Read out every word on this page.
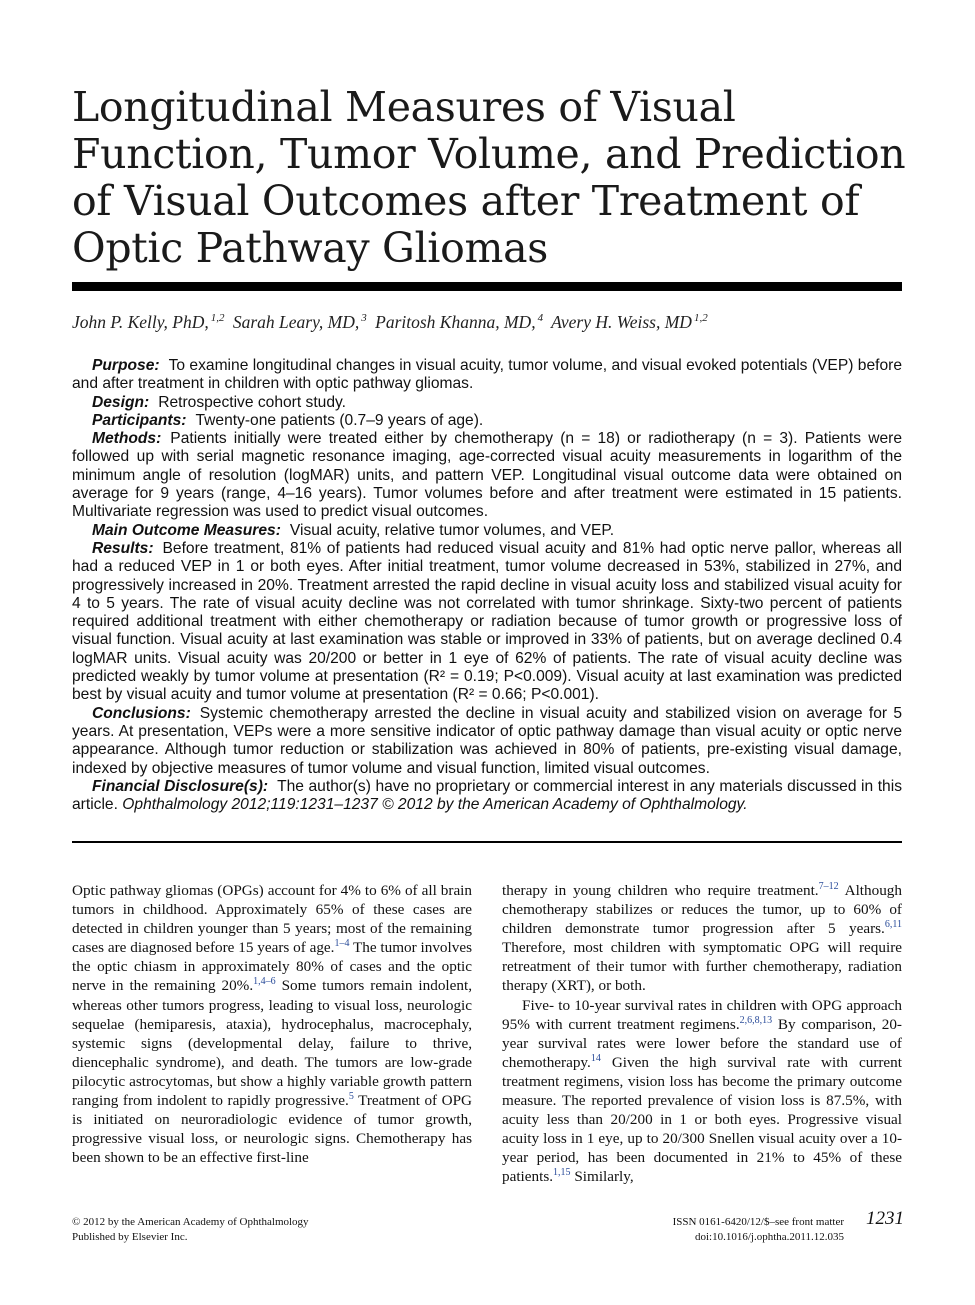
Longitudinal Measures of Visual Function, Tumor Volume, and Prediction of Visual Outcomes after Treatment of Optic Pathway Gliomas
John P. Kelly, PhD, $^{1,2}$ Sarah Leary, MD, $^3$ Paritosh Khanna, MD, $^4$ Avery H. Weiss, MD $^{1,2}$

Purpose: To examine longitudinal changes in visual acuity, tumor volume, and visual evoked potentials (VEP) before and after treatment in children with optic pathway gliomas.

Design: Retrospective cohort study.

Participants: Twenty-one patients (0.7–9 years of age).

Methods: Patients initially were treated either by chemotherapy (n = 18) or radiotherapy (n = 3). Patients were followed up with serial magnetic resonance imaging, age-corrected visual acuity measurements in logarithm of the minimum angle of resolution (logMAR) units, and pattern VEP. Longitudinal visual outcome data were obtained on average for 9 years (range, 4–16 years). Tumor volumes before and after treatment were estimated in 15 patients. Multivariate regression was used to predict visual outcomes.

Main Outcome Measures: Visual acuity, relative tumor volumes, and VEP.

Results: Before treatment, 81% of patients had reduced visual acuity and 81% had optic nerve pallor, whereas all had a reduced VEP in 1 or both eyes. After initial treatment, tumor volume decreased in 53%, stabilized in 27%, and progressively increased in 20%. Treatment arrested the rapid decline in visual acuity loss and stabilized visual acuity for 4 to 5 years. The rate of visual acuity decline was not correlated with tumor shrinkage. Sixty-two percent of patients required additional treatment with either chemotherapy or radiation because of tumor growth or progressive loss of visual function. Visual acuity at last examination was stable or improved in 33% of patients, but on average declined 0.4 logMAR units. Visual acuity was 20/200 or better in 1 eye of 62% of patients. The rate of visual acuity decline was predicted weakly by tumor volume at presentation (R² = 0.19; P<0.009). Visual acuity at last examination was predicted best by visual acuity and tumor volume at presentation (R² = 0.66; P<0.001).

Conclusions: Systemic chemotherapy arrested the decline in visual acuity and stabilized vision on average for 5 years. At presentation, VEPs were a more sensitive indicator of optic pathway damage than visual acuity or optic nerve appearance. Although tumor reduction or stabilization was achieved in 80% of patients, pre-existing visual damage, indexed by objective measures of tumor volume and visual function, limited visual outcomes.

Financial Disclosure(s): The author(s) have no proprietary or commercial interest in any materials discussed in this article. Ophthalmology 2012;119:1231–1237 © 2012 by the American Academy of Ophthalmology.

Optic pathway gliomas (OPGs) account for 4% to 6% of all brain tumors in childhood. Approximately 65% of these cases are detected in children younger than 5 years; most of the remaining cases are diagnosed before 15 years of age.$^{1-4}$ The tumor involves the optic chiasm in approximately 80% of cases and the optic nerve in the remaining 20%.$^{1,4-6}$ Some tumors remain indolent, whereas other tumors progress, leading to visual loss, neurologic sequelae (hemiparesis, ataxia), hydrocephalus, macrocephaly, systemic signs (developmental delay, failure to thrive, diencephalic syndrome), and death. The tumors are low-grade pilocytic astrocytomas, but show a highly variable growth pattern ranging from indolent to rapidly progressive.$^5$ Treatment of OPG is initiated on neuroradiologic evidence of tumor growth, progressive visual loss, or neurologic signs. Chemotherapy has been shown to be an effective first-line

therapy in young children who require treatment.$^{7-12}$ Although chemotherapy stabilizes or reduces the tumor, up to 60% of children demonstrate tumor progression after 5 years.$^{6,11}$ Therefore, most children with symptomatic OPG will require retreatment of their tumor with further chemotherapy, radiation therapy (XRT), or both.

Five- to 10-year survival rates in children with OPG approach 95% with current treatment regimens.$^{2,6,8,13}$ By comparison, 20-year survival rates were lower before the standard use of chemotherapy.$^{14}$ Given the high survival rate with current treatment regimens, vision loss has become the primary outcome measure. The reported prevalence of vision loss is 87.5%, with acuity less than 20/200 in 1 or both eyes. Progressive visual acuity loss in 1 eye, up to 20/300 Snellen visual acuity over a 10-year period, has been documented in 21% to 45% of these patients.$^{1,15}$ Similarly,

© 2012 by the American Academy of Ophthalmology
Published by Elsevier Inc.
ISSN 0161-6420/12/$–see front matter
doi:10.1016/j.ophtha.2011.12.035
1231
